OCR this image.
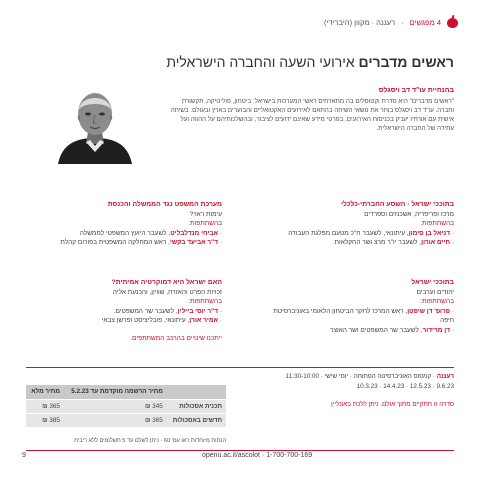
4 מפגשים
·
רעננה · מקוון (היברידי)
ראשים מדברים אירועי השעה והחברה הישראלית
בהנחיית עו"ד דב ויסגלס
"ראשים מדברים" היא סדרת וקטוסלים בה מתארחים ראשי המערכות בישראל: ביטחון, פוליטיקה, תקשורת וחברה. עו"ד דב ויסגלס בוחר את נושאי השיחה בהתאם לאירועים האקטואליים והבוערים בארץ ובעולם. בשיחה אישית עם אורחיו יעניק בכניסות האירועים, בפרטי מידע שאינם ידועים לציבור, ובהשלכותיהם על ההווה ועל עתידה של החברה הישראלית.
בתוככי ישראל · השסע החברתי-כלכלי
מרכז ופריפריה, אשכנזים וספרדים
בהשתתפות:
· דניאל בן סימון, עיתונאי, לשעבר ח"כ מטעם מפלגת העבודה
· חיים אורון, לשעבר יו"ר מרצ ושר החקלאות
מערכת המשפט נגד הממשלה והכנסת
עימות ראוי?
בהשתתפות:
· אביחי מנדלבליט, לשעבר היועץ המשפטי לממשלה
· ד"ר אביעד בקשי, ראש המחלקה המשפטית בפורום קהלת
בתוככי ישראל
יהודים וערבים
בהשתתפות:
· פרופ' דן שיפטן, ראש המרכז לחקר הביטחון הלאומי באוניברסיטת חיפה
· דן מרידור, לשעבר שר המשפטים ושר האוצר
האם ישראל היא דמוקרטיה אמיתית?
זכויות הפרט והאזרח, שוויון, והכנעת אליה
בהשתתפות:
· ד"ר יוסי ביילין, לשעבר שר המשפטים.
· אמיר אורן, עיתונאי, פובליציסט ופרשן צבאי
ייתכנו שינויים בהרכב המשתתפים.
רעננה · קמפוס האוניברסיטה הפתוחה · יומי שישי · 11:30-10:00
9.6.23 · 12.5.23 · 14.4.23 · 10.3.23
סדרה זו תתקיים מתוך אולם. ניתן ללכת באונליין
	מחיר הרשמה מוקדמת עד 5.2.23	מחיר מלא
תכנית אסכולות	345 ₪	365 ₪
חדשים באסכולות	365 ₪	385 ₪
הנחות מיוחדות ראו עמ' 60 · ניתן לשלם עד 5 תשלומים ללא ריבית
9	openu.ac.il/ascolot · 1-700-700-169
